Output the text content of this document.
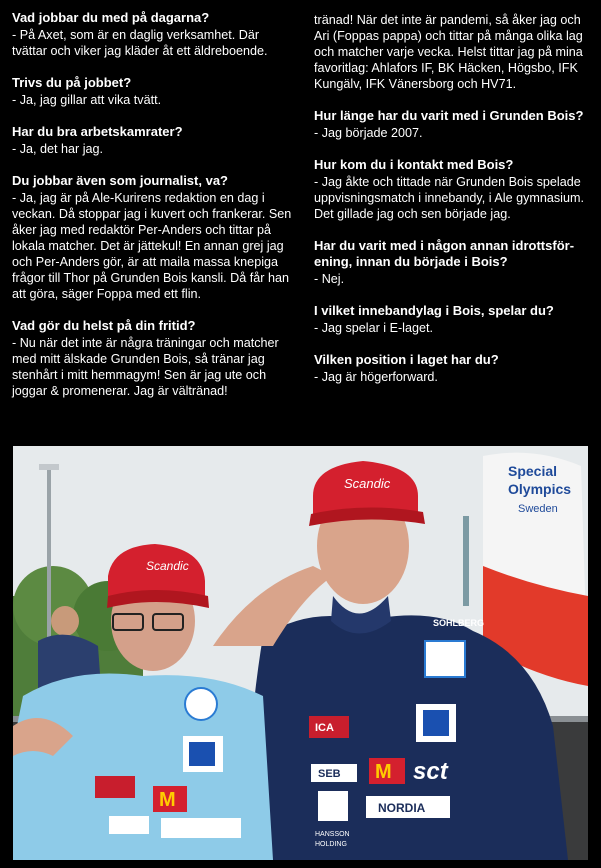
Vad jobbar du med på dagarna?

- På Axet, som är en daglig verksamhet. Där tvättar och viker jag kläder åt ett äldreboende.

Trivs du på jobbet?

- Ja, jag gillar att vika tvätt.

Har du bra arbetskamrater?

- Ja, det har jag.

Du jobbar även som journalist, va?

- Ja, jag är på Ale-Kurirens redaktion en dag i veckan. Då stoppar jag i kuvert och frankerar. Sen åker jag med redaktör Per-Anders och tittar på lokala matcher. Det är jättekul! En annan grej jag och Per-Anders gör, är att maila massa knepiga frågor till Thor på Grunden Bois kansli. Då får han att göra, säger Foppa med ett flin.

Vad gör du helst på din fritid?

- Nu när det inte är några träningar och matcher med mitt älskade Grunden Bois, så tränar jag stenhårt i mitt hemmagym! Sen är jag ute och joggar & promenerar. Jag är vältränad!

tränad! När det inte är pandemi, så åker jag och Ari (Foppas pappa) och tittar på många olika lag och matcher varje vecka. Helst tittar jag på mina favoritlag: Ahlafors IF, BK Häcken, Högsbo, IFK Kungälv, IFK Vänersborg och HV71.

Hur länge har du varit med i Grunden Bois?

- Jag började 2007.

Hur kom du i kontakt med Bois?

- Jag åkte och tittade när Grunden Bois spelade uppvisningsmatch i innebandy, i Ale gymnasium. Det gillade jag och sen började jag.

Har du varit med i någon annan idrottsförening, innan du började i Bois?

- Nej.

I vilket innebandylag i Bois, spelar du?

- Jag spelar i E-laget.

Vilken position i laget har du?

- Jag är högerforward.

Special
Olympics
Sweden
Scandic
SOHLBERG
ICA
SEB M sct
NORDIA
HANSSON
HOLDING
Scandic
M
